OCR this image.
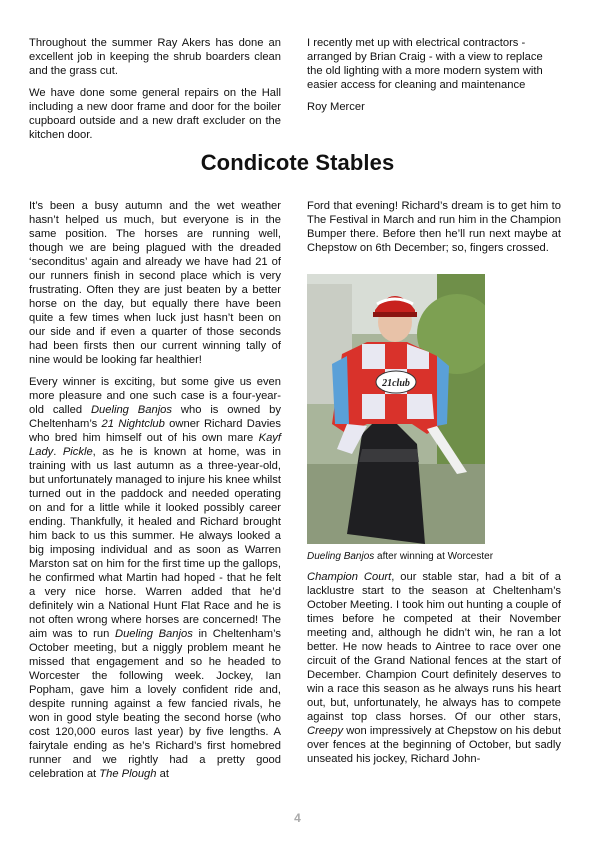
Throughout the summer Ray Akers has done an excellent job in keeping the shrub boarders clean and the grass cut.

We have done some general repairs on the Hall including a new door frame and door for the boiler cupboard outside and a new draft excluder on the kitchen door.

I recently met up with electrical contractors - arranged by Brian Craig - with a view to replace the old lighting with a more modern system with easier access for cleaning and maintenance

Roy Mercer

Condicote Stables

It’s been a busy autumn and the wet weather hasn’t helped us much, but everyone is in the same position. The horses are running well, though we are being plagued with the dreaded ‘seconditus’ again and already we have had 21 of our runners finish in second place which is very frustrating. Often they are just beaten by a better horse on the day, but equally there have been quite a few times when luck just hasn’t been on our side and if even a quarter of those seconds had been firsts then our current winning tally of nine would be looking far healthier!

Every winner is exciting, but some give us even more pleasure and one such case is a four-year-old called Dueling Banjos who is owned by Cheltenham’s 21 Nightclub owner Richard Davies who bred him himself out of his own mare Kayf Lady. Pickle, as he is known at home, was in training with us last autumn as a three-year-old, but unfortunately managed to injure his knee whilst turned out in the paddock and needed operating on and for a little while it looked possibly career ending. Thankfully, it healed and Richard brought him back to us this summer. He always looked a big imposing individual and as soon as Warren Marston sat on him for the first time up the gallops, he confirmed what Martin had hoped - that he felt a very nice horse. Warren added that he’d definitely win a National Hunt Flat Race and he is not often wrong where horses are concerned! The aim was to run Dueling Banjos in Cheltenham’s October meeting, but a niggly problem meant he missed that engagement and so he headed to Worcester the following week. Jockey, Ian Popham, gave him a lovely confident ride and, despite running against a few fancied rivals, he won in good style beating the second horse (who cost 120,000 euros last year) by five lengths. A fairytale ending as he’s Richard’s first homebred runner and we rightly had a pretty good celebration at The Plough at

Ford that evening! Richard’s dream is to get him to The Festival in March and run him in the Champion Bumper there. Before then he’ll run next maybe at Chepstow on 6th December; so, fingers crossed.

21club
Dueling Banjos after winning at Worcester

Champion Court, our stable star, had a bit of a lacklustre start to the season at Cheltenham’s October Meeting. I took him out hunting a couple of times before he competed at their November meeting and, although he didn’t win, he ran a lot better. He now heads to Aintree to race over one circuit of the Grand National fences at the start of December. Champion Court definitely deserves to win a race this season as he always runs his heart out, but, unfortunately, he always has to compete against top class horses. Of our other stars, Creepy won impressively at Chepstow on his debut over fences at the beginning of October, but sadly unseated his jockey, Richard John-

4
